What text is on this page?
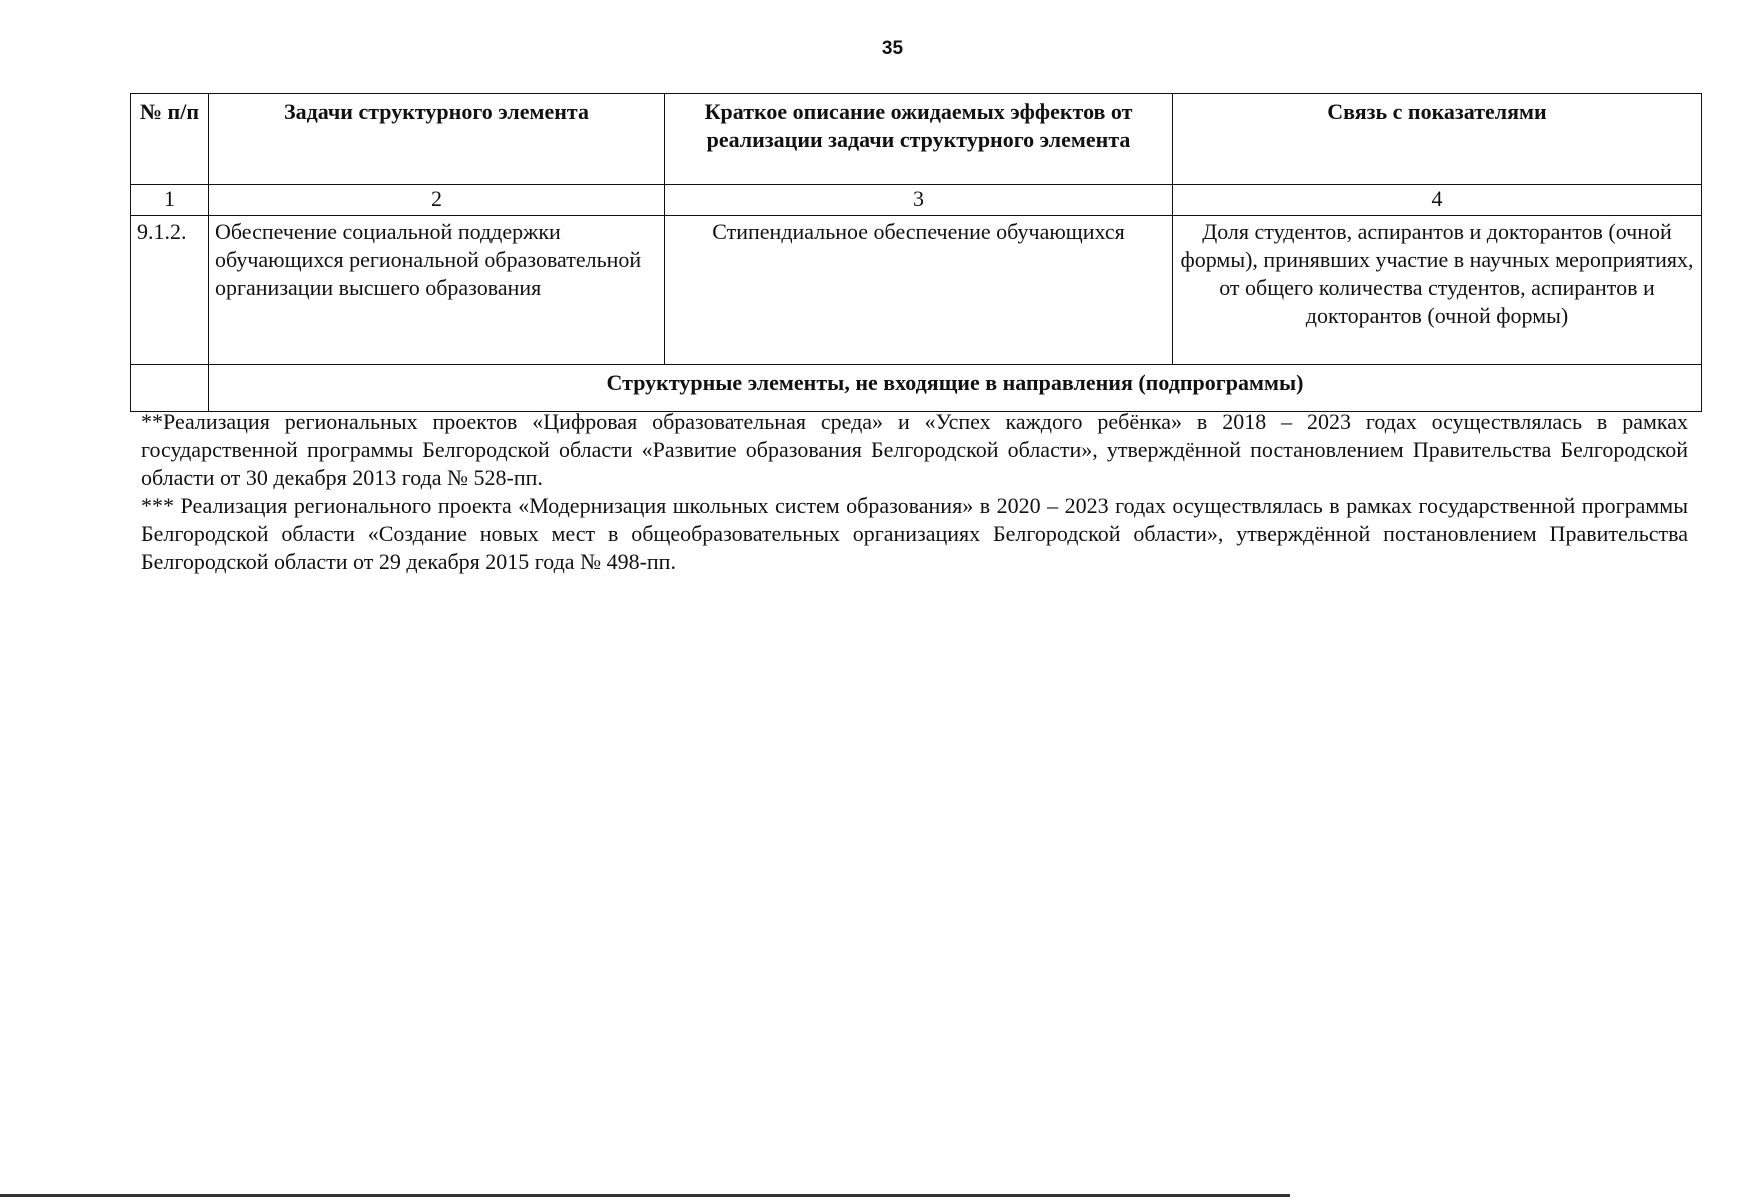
35
№ п/п	Задачи структурного элемента	Краткое описание ожидаемых эффектов от реализации задачи структурного элемента	Связь с показателями
1	2	3	4
9.1.2.	Обеспечение социальной поддержки обучающихся региональной образовательной организации высшего образования	Стипендиальное обеспечение обучающихся	Доля студентов, аспирантов и докторантов (очной формы), принявших участие в научных мероприятиях, от общего количества студентов, аспирантов и докторантов (очной формы)
	Структурные элементы, не входящие в направления (подпрограммы)		

**Реализация региональных проектов «Цифровая образовательная среда» и «Успех каждого ребёнка» в 2018 – 2023 годах осуществлялась в рамках государственной программы Белгородской области «Развитие образования Белгородской области», утверждённой постановлением Правительства Белгородской области от 30 декабря 2013 года № 528-пп.

*** Реализация регионального проекта «Модернизация школьных систем образования» в 2020 – 2023 годах осуществлялась в рамках государственной программы Белгородской области «Создание новых мест в общеобразовательных организациях Белгородской области», утверждённой постановлением Правительства Белгородской области от 29 декабря 2015 года № 498-пп.
